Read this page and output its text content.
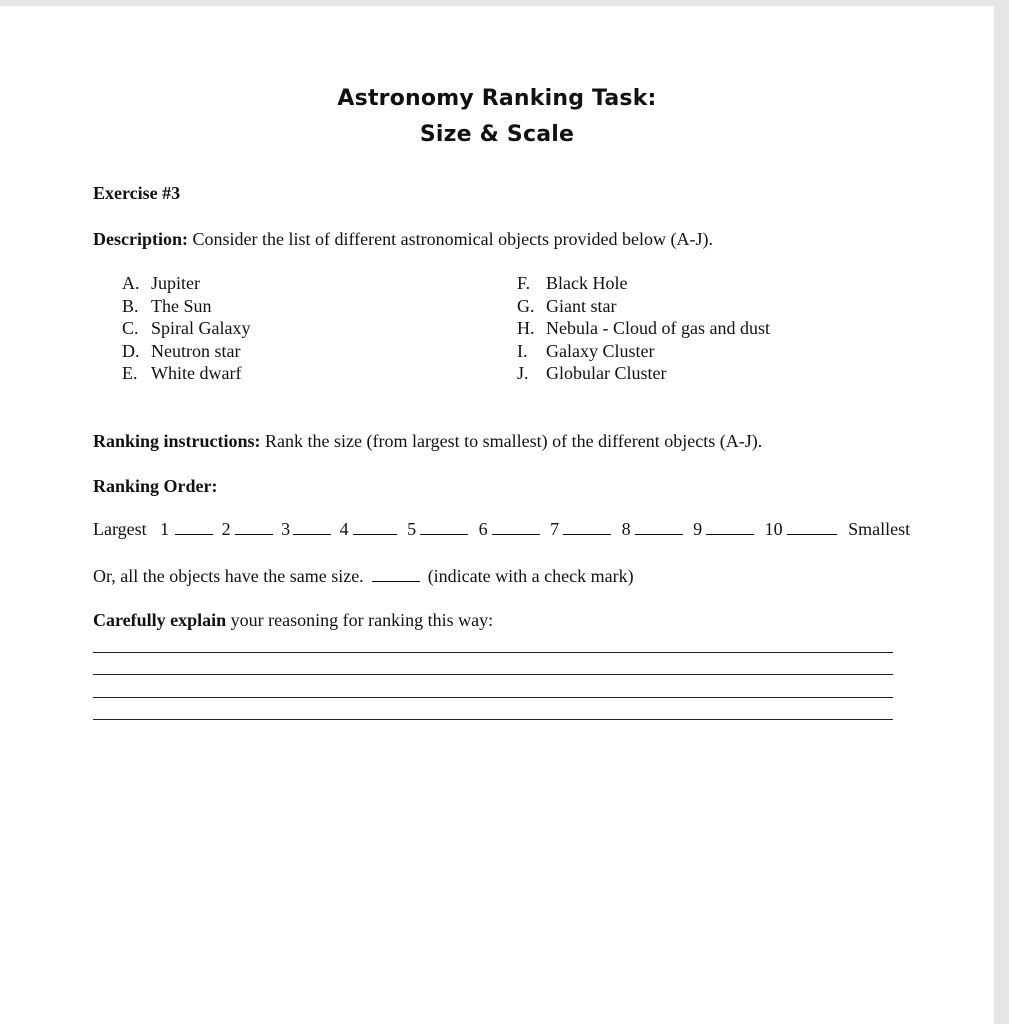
Astronomy Ranking Task:
Size & Scale
Exercise #3
Description: Consider the list of different astronomical objects provided below (A-J).
A. Jupiter
B. The Sun
C. Spiral Galaxy
D. Neutron star
E. White dwarf
F. Black Hole
G. Giant star
H. Nebula - Cloud of gas and dust
I. Galaxy Cluster
J. Globular Cluster
Ranking instructions: Rank the size (from largest to smallest) of the different objects (A-J).
Ranking Order:
Largest 1	2	3	4	5	6	7	8	9	10	Smallest
Or, all the objects have the same size.	(indicate with a check mark)
Carefully explain your reasoning for ranking this way:
